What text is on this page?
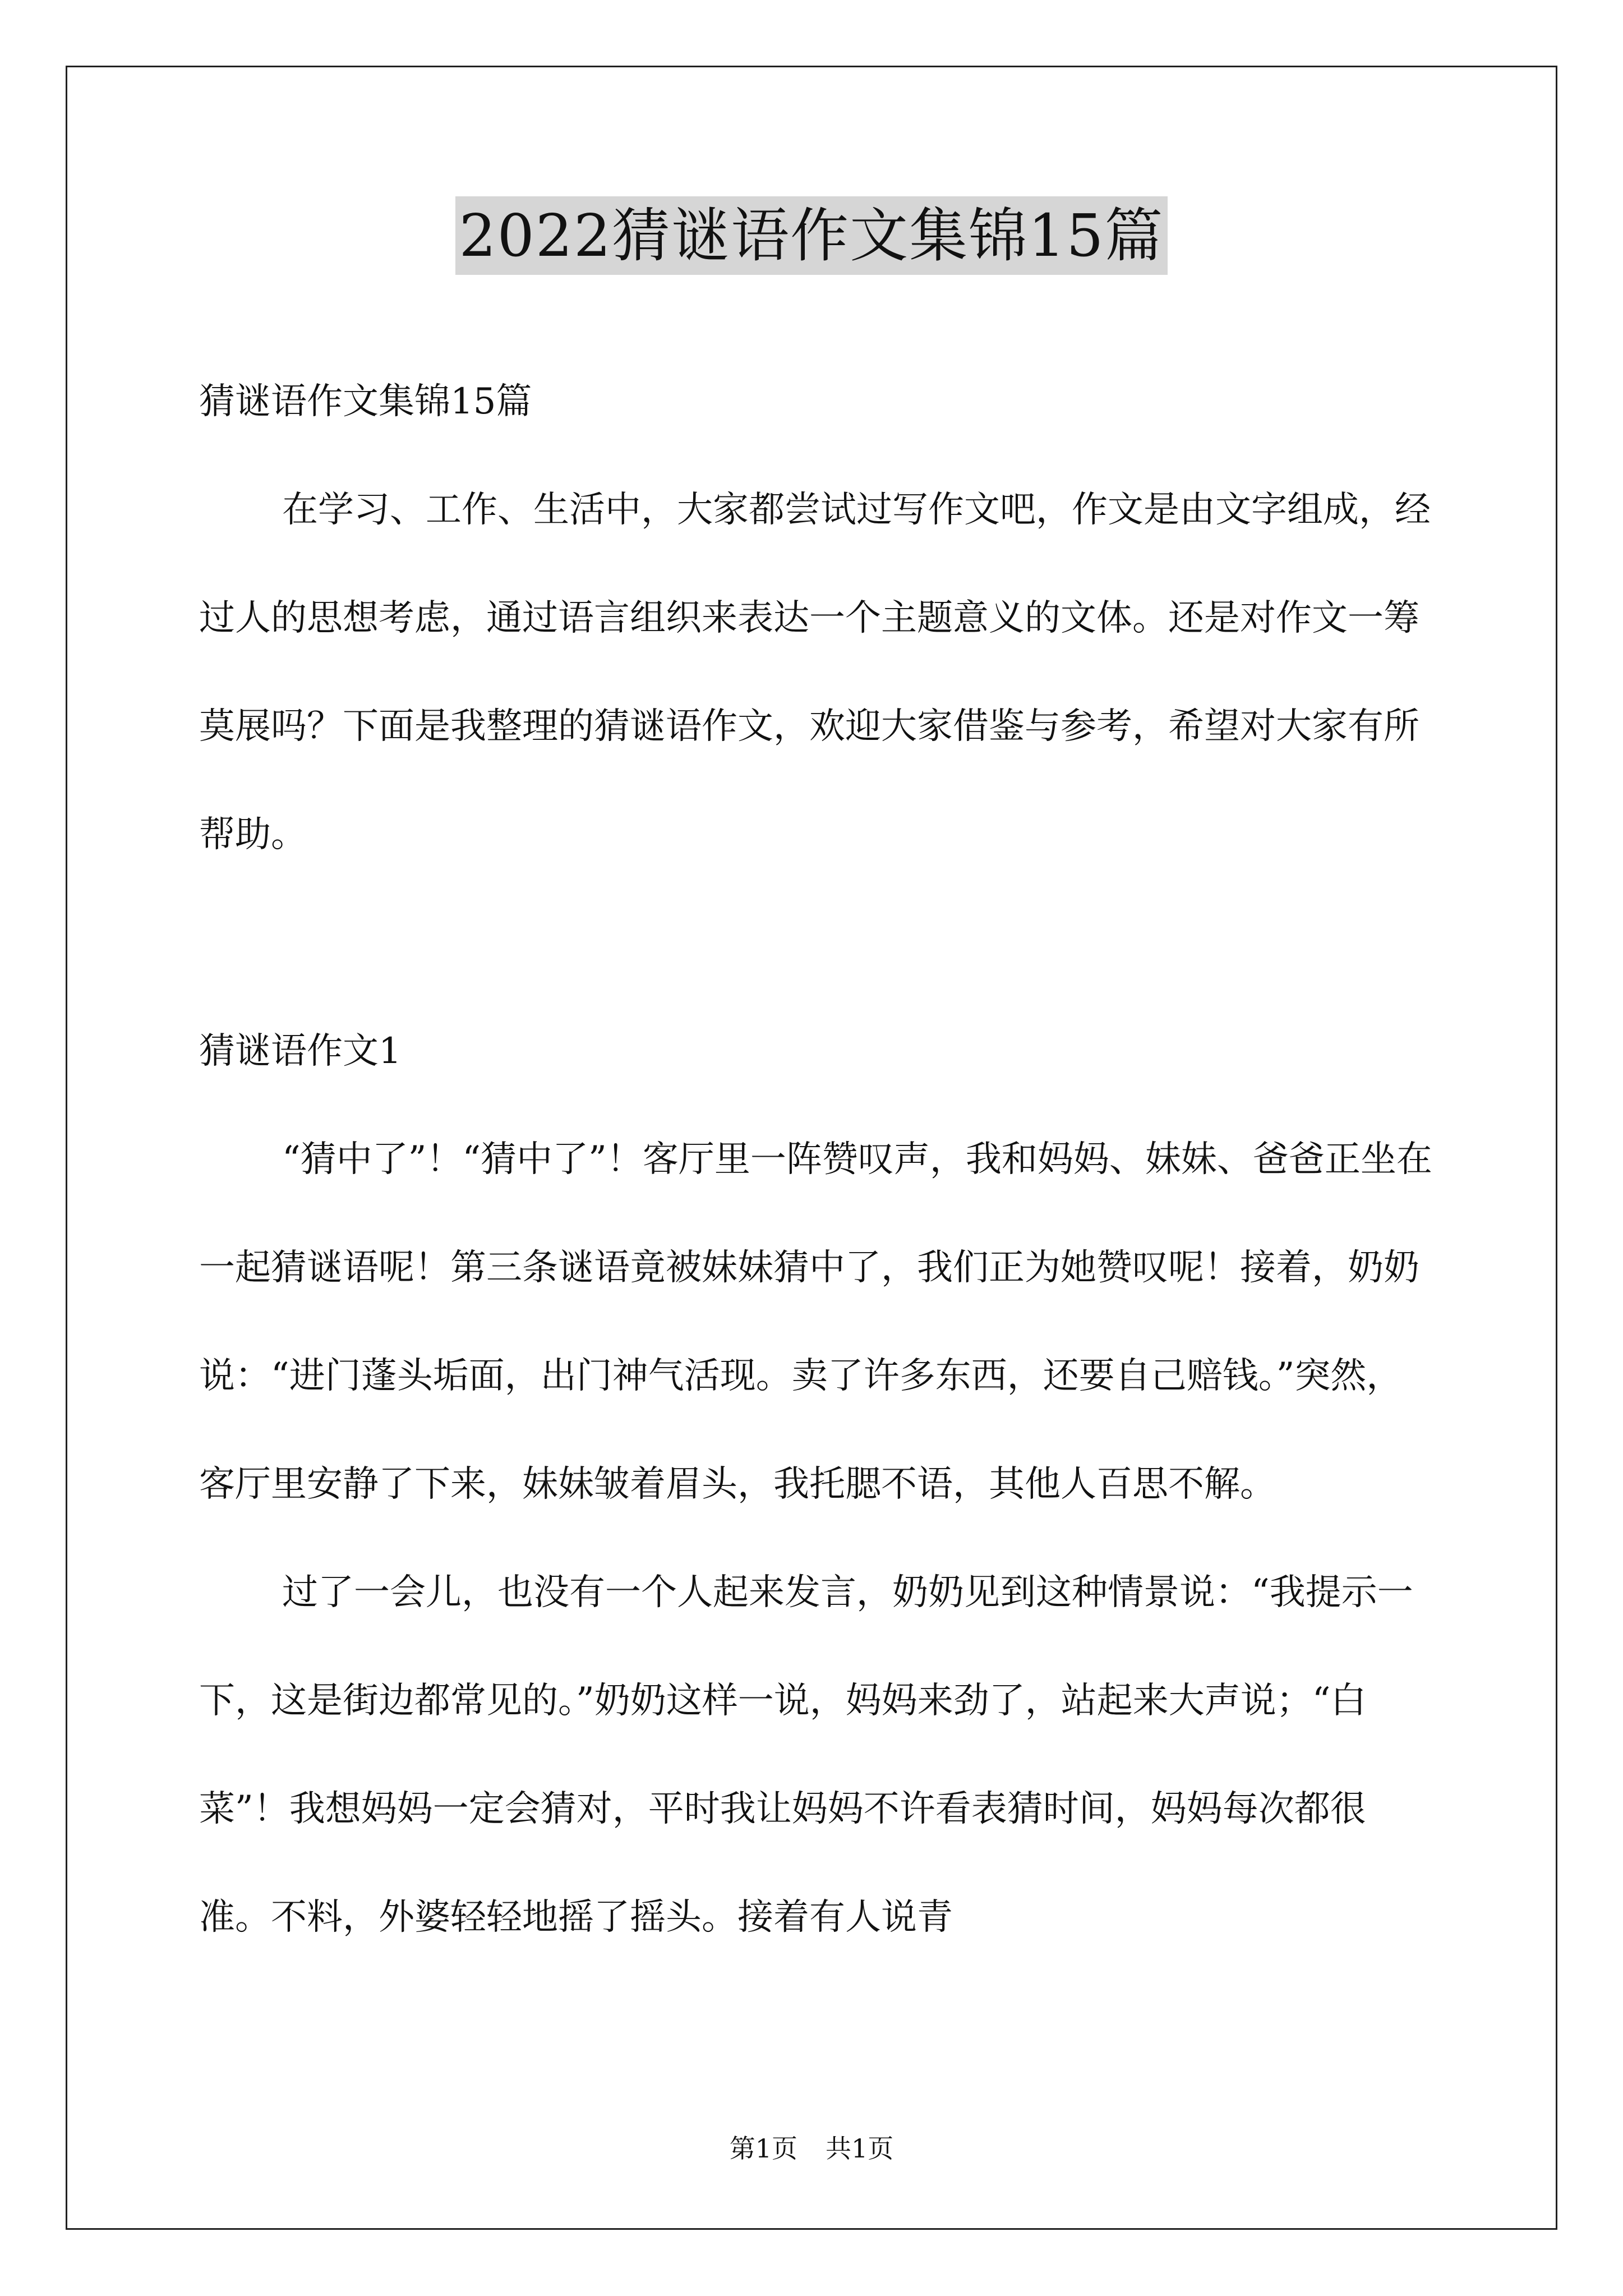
2022猜谜语作文集锦15篇

猜谜语作文集锦15篇

在学习、工作、生活中，大家都尝试过写作文吧，作文是由文字组成，经过人的思想考虑，通过语言组织来表达一个主题意义的文体。还是对作文一筹莫展吗？下面是我整理的猜谜语作文，欢迎大家借鉴与参考，希望对大家有所帮助。

猜谜语作文1

“猜中了”！“猜中了”！客厅里一阵赞叹声，我和妈妈、妹妹、爸爸正坐在一起猜谜语呢！第三条谜语竟被妹妹猜中了，我们正为她赞叹呢！接着，奶奶说：“进门蓬头垢面，出门神气活现。卖了许多东西，还要自己赔钱。”突然，客厅里安静了下来，妹妹皱着眉头，我托腮不语，其他人百思不解。

过了一会儿，也没有一个人起来发言，奶奶见到这种情景说：“我提示一下，这是街边都常见的。”奶奶这样一说，妈妈来劲了，站起来大声说；“白菜”！我想妈妈一定会猜对，平时我让妈妈不许看表猜时间，妈妈每次都很准。不料，外婆轻轻地摇了摇头。接着有人说青

第1页 共1页
